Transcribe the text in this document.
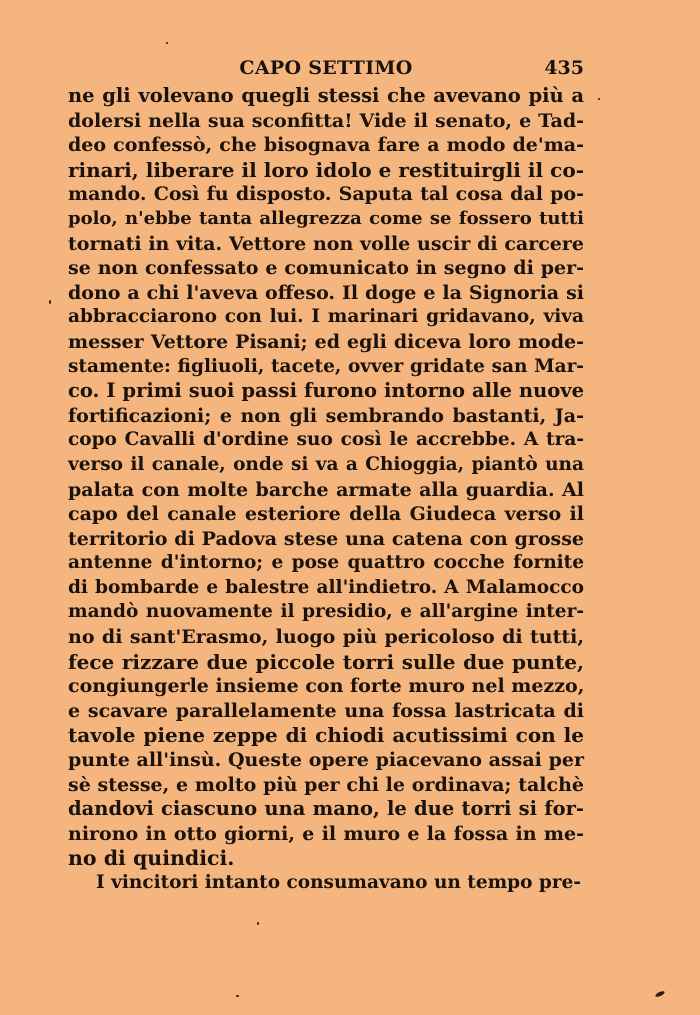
CAPO SETTIMO	435
ne gli volevano quegli stessi che avevano più a
dolersi nella sua sconfitta! Vide il senato, e Tad-
deo confessò, che bisognava fare a modo de'ma-
rinari, liberare il loro idolo e restituirgli il co-
mando. Così fu disposto. Saputa tal cosa dal po-
polo, n'ebbe tanta allegrezza come se fossero tutti
tornati in vita. Vettore non volle uscir di carcere
se non confessato e comunicato in segno di per-
dono a chi l'aveva offeso. Il doge e la Signoria si
abbracciarono con lui. I marinari gridavano, viva
messer Vettore Pisani; ed egli diceva loro mode-
stamente: figliuoli, tacete, ovver gridate san Mar-
co. I primi suoi passi furono intorno alle nuove
fortificazioni; e non gli sembrando bastanti, Ja-
copo Cavalli d'ordine suo così le accrebbe. A tra-
verso il canale, onde si va a Chioggia, piantò una
palata con molte barche armate alla guardia. Al
capo del canale esteriore della Giudeca verso il
territorio di Padova stese una catena con grosse
antenne d'intorno; e pose quattro cocche fornite
di bombarde e balestre all'indietro. A Malamocco
mandò nuovamente il presidio, e all'argine inter-
no di sant'Erasmo, luogo più pericoloso di tutti,
fece rizzare due piccole torri sulle due punte,
congiungerle insieme con forte muro nel mezzo,
e scavare parallelamente una fossa lastricata di
tavole piene zeppe di chiodi acutissimi con le
punte all'insù. Queste opere piacevano assai per
sè stesse, e molto più per chi le ordinava; talchè
dandovi ciascuno una mano, le due torri si for-
nirono in otto giorni, e il muro e la fossa in me-
no di quindici.
I vincitori intanto consumavano un tempo pre-
